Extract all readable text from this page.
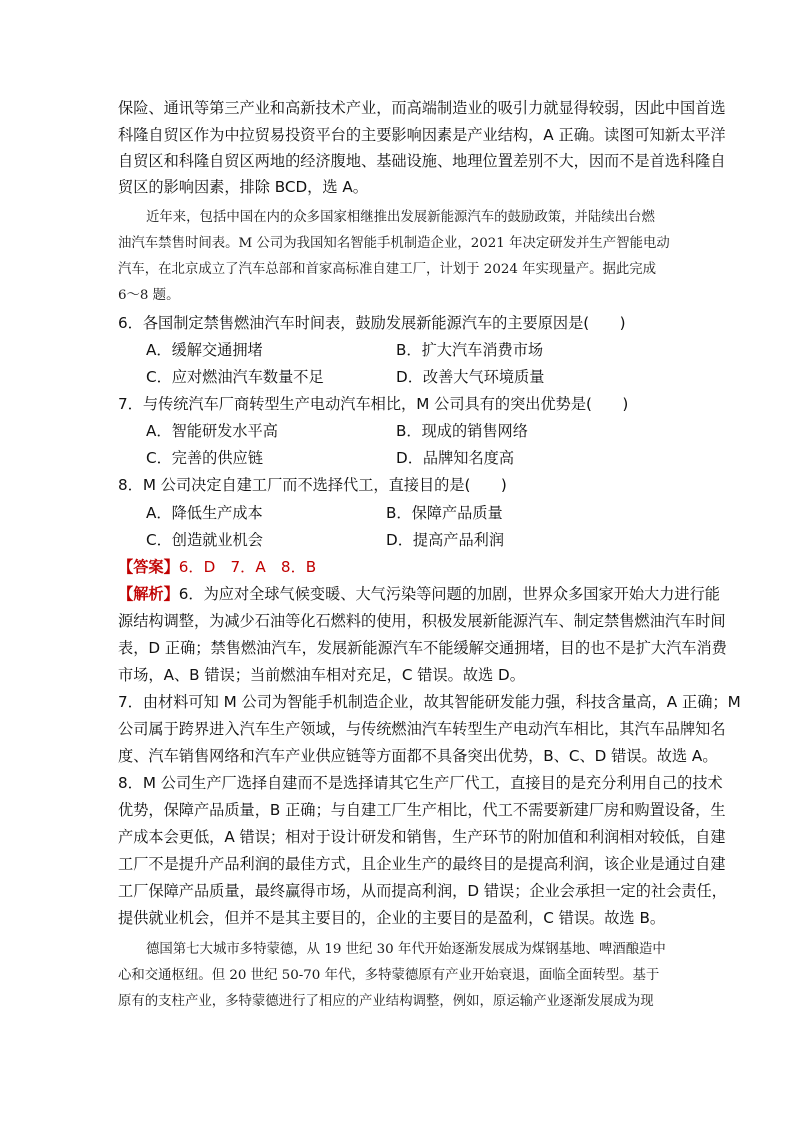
保险、通讯等第三产业和高新技术产业，而高端制造业的吸引力就显得较弱，因此中国首选
科隆自贸区作为中拉贸易投资平台的主要影响因素是产业结构，A 正确。读图可知新太平洋
自贸区和科隆自贸区两地的经济腹地、基础设施、地理位置差别不大，因而不是首选科隆自
贸区的影响因素，排除 BCD，选 A。
近年来，包括中国在内的众多国家相继推出发展新能源汽车的鼓励政策，并陆续出台燃
油汽车禁售时间表。M 公司为我国知名智能手机制造企业，2021 年决定研发并生产智能电动
汽车，在北京成立了汽车总部和首家高标准自建工厂，计划于 2024 年实现量产。据此完成
6～8 题。
6．各国制定禁售燃油汽车时间表，鼓励发展新能源汽车的主要原因是(　　)
A．缓解交通拥堵	B．扩大汽车消费市场
C．应对燃油汽车数量不足	D．改善大气环境质量
7．与传统汽车厂商转型生产电动汽车相比，M 公司具有的突出优势是(　　)
A．智能研发水平高	B．现成的销售网络
C．完善的供应链	D．品牌知名度高
8．M 公司决定自建工厂而不选择代工，直接目的是(　　)
A．降低生产成本	B．保障产品质量
C．创造就业机会	D．提高产品利润
【答案】6．D　7．A　8．B
【解析】6．为应对全球气候变暖、大气污染等问题的加剧，世界众多国家开始大力进行能
源结构调整，为减少石油等化石燃料的使用，积极发展新能源汽车、制定禁售燃油汽车时间
表，D 正确；禁售燃油汽车，发展新能源汽车不能缓解交通拥堵，目的也不是扩大汽车消费
市场，A、B 错误；当前燃油车相对充足，C 错误。故选 D。
7．由材料可知 M 公司为智能手机制造企业，故其智能研发能力强，科技含量高，A 正确；M
公司属于跨界进入汽车生产领域，与传统燃油汽车转型生产电动汽车相比，其汽车品牌知名
度、汽车销售网络和汽车产业供应链等方面都不具备突出优势，B、C、D 错误。故选 A。
8．M 公司生产厂选择自建而不是选择请其它生产厂代工，直接目的是充分利用自己的技术
优势，保障产品质量，B 正确；与自建工厂生产相比，代工不需要新建厂房和购置设备，生
产成本会更低，A 错误；相对于设计研发和销售，生产环节的附加值和利润相对较低，自建
工厂不是提升产品利润的最佳方式，且企业生产的最终目的是提高利润，该企业是通过自建
工厂保障产品质量，最终赢得市场，从而提高利润，D 错误；企业会承担一定的社会责任，
提供就业机会，但并不是其主要目的，企业的主要目的是盈利，C 错误。故选 B。
德国第七大城市多特蒙德，从 19 世纪 30 年代开始逐渐发展成为煤钢基地、啤酒酿造中
心和交通枢纽。但 20 世纪 50-70 年代，多特蒙德原有产业开始衰退，面临全面转型。基于
原有的支柱产业，多特蒙德进行了相应的产业结构调整，例如，原运输产业逐渐发展成为现
